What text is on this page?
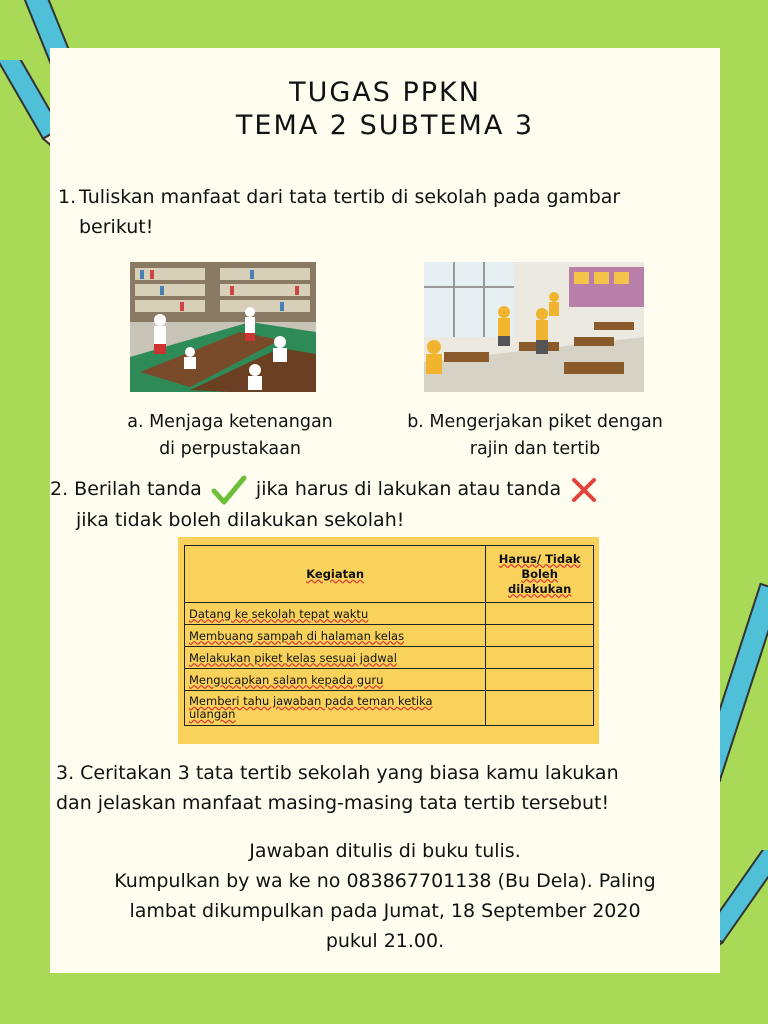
TUGAS PPKN
TEMA 2 SUBTEMA 3
1. Tuliskan manfaat dari tata tertib di sekolah pada gambar berikut!
a. Menjaga ketenangan
di perpustakaan
b. Mengerjakan piket dengan
rajin dan tertib
2. Berilah tanda	jika harus di lakukan atau tanda
jika tidak boleh dilakukan sekolah!
Kegiatan	Harus/ Tidak Boleh dilakukan
Datang ke sekolah tepat waktu	
Membuang sampah di halaman kelas	
Melakukan piket kelas sesuai jadwal	
Mengucapkan salam kepada guru	
Memberi tahu jawaban pada teman ketika ulangan	
3. Ceritakan 3 tata tertib sekolah yang biasa kamu lakukan
dan jelaskan manfaat masing-masing tata tertib tersebut!
Jawaban ditulis di buku tulis.
Kumpulkan by wa ke no 083867701138 (Bu Dela). Paling
lambat dikumpulkan pada Jumat, 18 September 2020
pukul 21.00.
